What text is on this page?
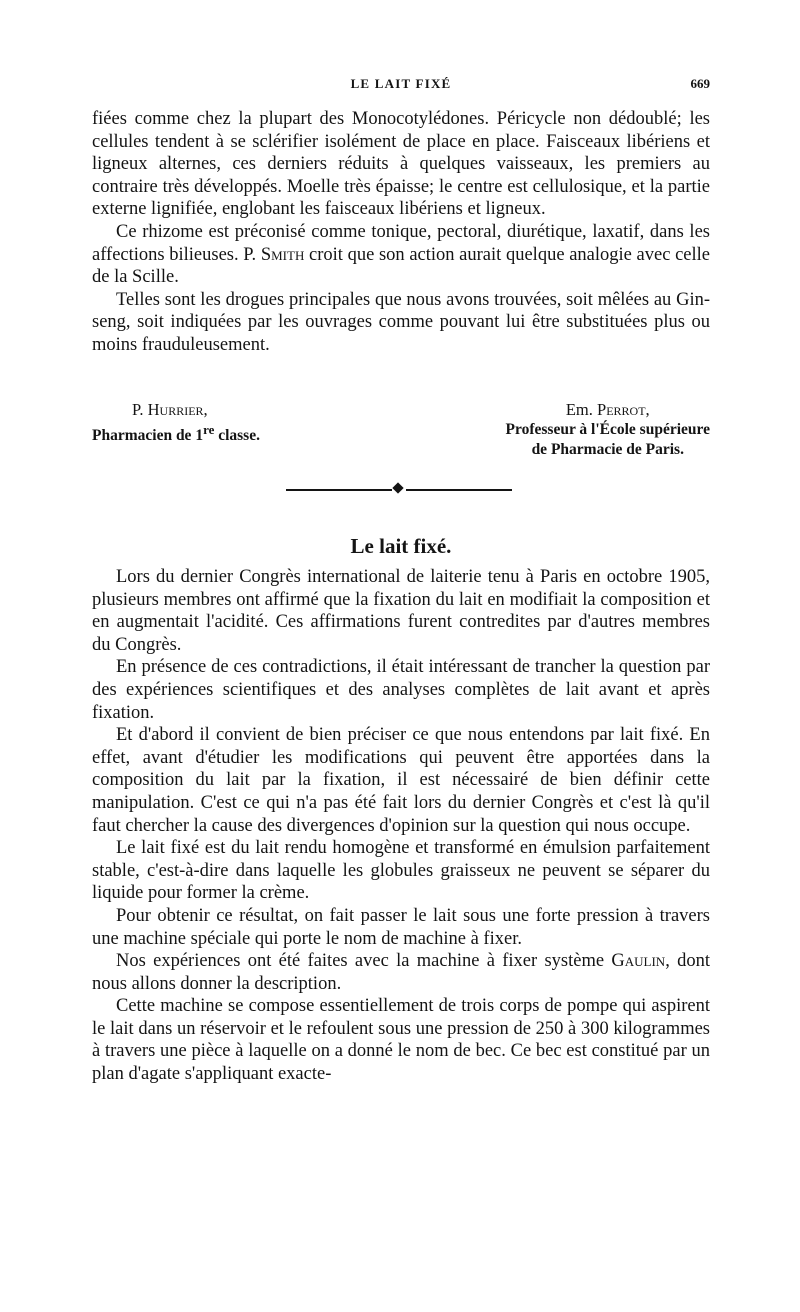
LE LAIT FIXÉ	669

fiées comme chez la plupart des Monocotylédones. Péricycle non dédoublé; les cellules tendent à se sclérifier isolément de place en place. Faisceaux libériens et ligneux alternes, ces derniers réduits à quelques vaisseaux, les premiers au contraire très développés. Moelle très épaisse; le centre est cellulosique, et la partie externe lignifiée, englobant les faisceaux libériens et ligneux.

Ce rhizome est préconisé comme tonique, pectoral, diurétique, laxatif, dans les affections bilieuses. P. Smith croit que son action aurait quelque analogie avec celle de la Scille.

Telles sont les drogues principales que nous avons trouvées, soit mêlées au Gin-seng, soit indiquées par les ouvrages comme pouvant lui être substituées plus ou moins frauduleusement.

P. Hurrier,
Pharmacien de 1re classe.
Em. Perrot,
Professeur à l'École supérieure
de Pharmacie de Paris.
Le lait fixé.

Lors du dernier Congrès international de laiterie tenu à Paris en octobre 1905, plusieurs membres ont affirmé que la fixation du lait en modifiait la composition et en augmentait l'acidité. Ces affirmations furent contredites par d'autres membres du Congrès.

En présence de ces contradictions, il était intéressant de trancher la question par des expériences scientifiques et des analyses complètes de lait avant et après fixation.

Et d'abord il convient de bien préciser ce que nous entendons par lait fixé. En effet, avant d'étudier les modifications qui peuvent être apportées dans la composition du lait par la fixation, il est nécessairé de bien définir cette manipulation. C'est ce qui n'a pas été fait lors du dernier Congrès et c'est là qu'il faut chercher la cause des divergences d'opinion sur la question qui nous occupe.

Le lait fixé est du lait rendu homogène et transformé en émulsion parfaitement stable, c'est-à-dire dans laquelle les globules graisseux ne peuvent se séparer du liquide pour former la crème.

Pour obtenir ce résultat, on fait passer le lait sous une forte pression à travers une machine spéciale qui porte le nom de machine à fixer.

Nos expériences ont été faites avec la machine à fixer système Gaulin, dont nous allons donner la description.

Cette machine se compose essentiellement de trois corps de pompe qui aspirent le lait dans un réservoir et le refoulent sous une pression de 250 à 300 kilogrammes à travers une pièce à laquelle on a donné le nom de bec. Ce bec est constitué par un plan d'agate s'appliquant exacte-
